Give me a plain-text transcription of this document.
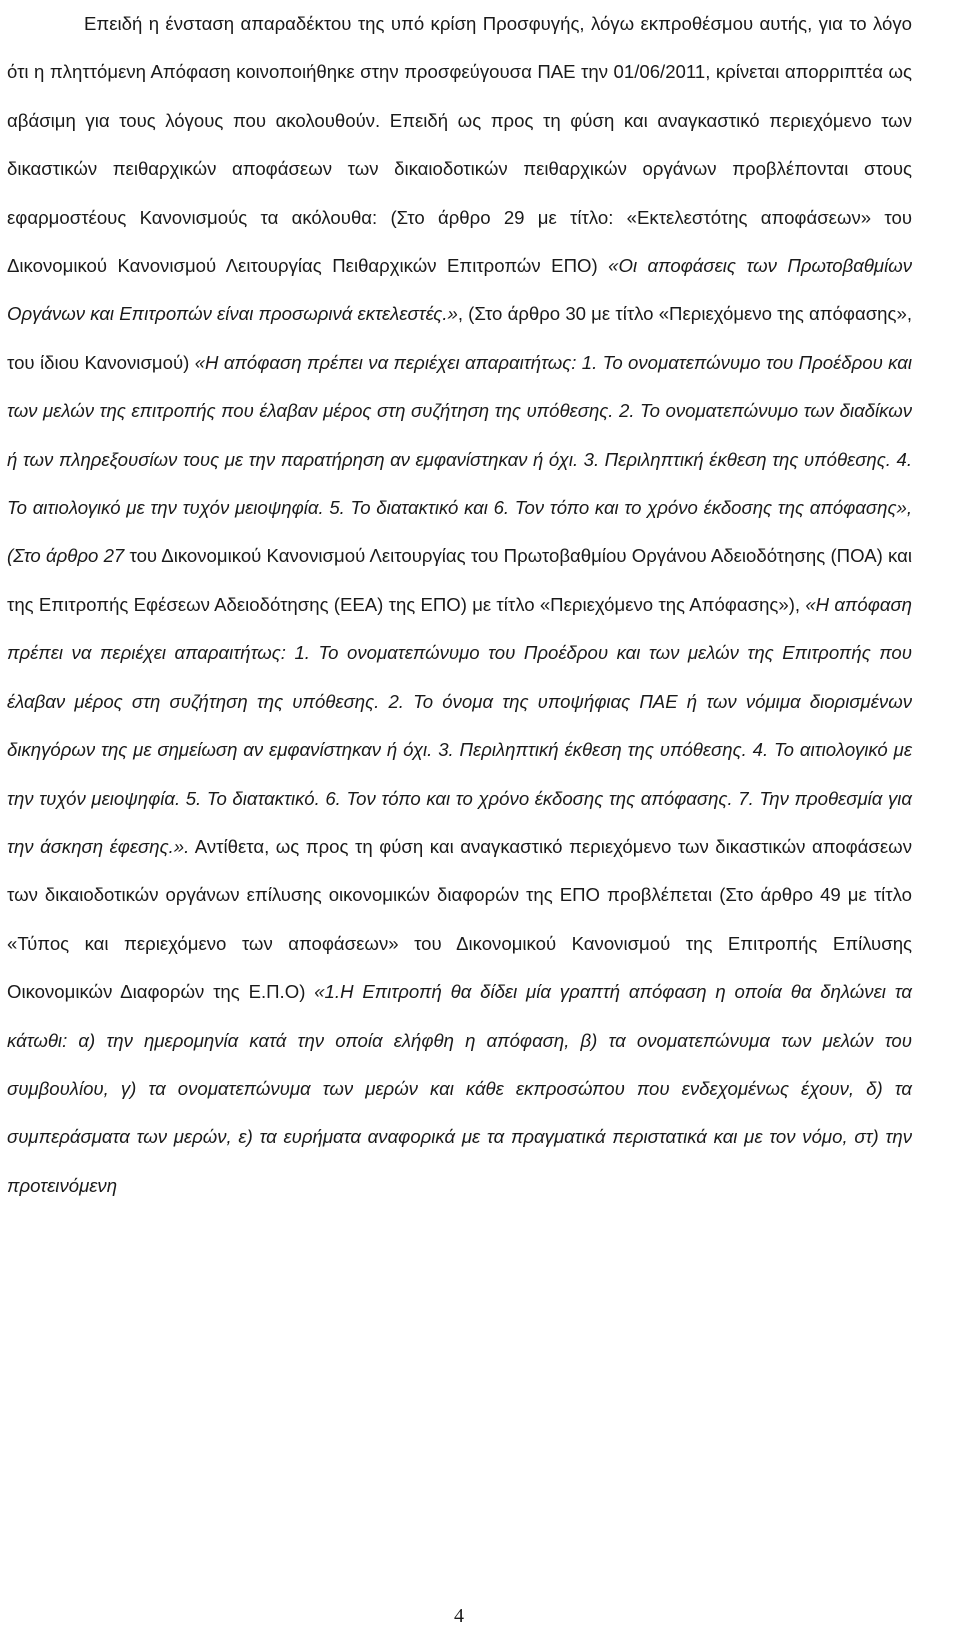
Επειδή η ένσταση απαραδέκτου της υπό κρίση Προσφυγής, λόγω εκπροθέσμου αυτής, για το λόγο ότι η πληττόμενη Απόφαση κοινοποιήθηκε στην προσφεύγουσα ΠΑΕ την 01/06/2011, κρίνεται απορριπτέα ως αβάσιμη για τους λόγους που ακολουθούν. Επειδή ως προς τη φύση και αναγκαστικό περιεχόμενο των δικαστικών πειθαρχικών αποφάσεων των δικαιοδοτικών πειθαρχικών οργάνων προβλέπονται στους εφαρμοστέους Κανονισμούς τα ακόλουθα: (Στο άρθρο 29 με τίτλο: «Εκτελεστότης αποφάσεων» του Δικονομικού Κανονισμού Λειτουργίας Πειθαρχικών Επιτροπών ΕΠΟ) «Οι αποφάσεις των Πρωτοβαθμίων Οργάνων και Επιτροπών είναι προσωρινά εκτελεστές.», (Στο άρθρο 30 με τίτλο «Περιεχόμενο της απόφασης», του ίδιου Κανονισμού) «Η απόφαση πρέπει να περιέχει απαραιτήτως: 1. Το ονοματεπώνυμο του Προέδρου και των μελών της επιτροπής που έλαβαν μέρος στη συζήτηση της υπόθεσης. 2. Το ονοματεπώνυμο των διαδίκων ή των πληρεξουσίων τους με την παρατήρηση αν εμφανίστηκαν ή όχι. 3. Περιληπτική έκθεση της υπόθεσης. 4. Το αιτιολογικό με την τυχόν μειοψηφία. 5. Το διατακτικό και 6. Τον τόπο και το χρόνο έκδοσης της απόφασης», (Στο άρθρο 27 του Δικονομικού Κανονισμού Λειτουργίας του Πρωτοβαθμίου Οργάνου Αδειοδότησης (ΠΟΑ) και της Επιτροπής Εφέσεων Αδειοδότησης (ΕΕΑ) της ΕΠΟ) με τίτλο «Περιεχόμενο της Απόφασης»), «Η απόφαση πρέπει να περιέχει απαραιτήτως: 1. Το ονοματεπώνυμο του Προέδρου και των μελών της Επιτροπής που έλαβαν μέρος στη συζήτηση της υπόθεσης. 2. Το όνομα της υποψήφιας ΠΑΕ ή των νόμιμα διορισμένων δικηγόρων της με σημείωση αν εμφανίστηκαν ή όχι. 3. Περιληπτική έκθεση της υπόθεσης. 4. Το αιτιολογικό με την τυχόν μειοψηφία. 5. Το διατακτικό. 6. Τον τόπο και το χρόνο έκδοσης της απόφασης. 7. Την προθεσμία για την άσκηση έφεσης.». Αντίθετα, ως προς τη φύση και αναγκαστικό περιεχόμενο των δικαστικών αποφάσεων των δικαιοδοτικών οργάνων επίλυσης οικονομικών διαφορών της ΕΠΟ προβλέπεται (Στο άρθρο 49 με τίτλο «Τύπος και περιεχόμενο των αποφάσεων» του Δικονομικού Κανονισμού της Επιτροπής Επίλυσης Οικονομικών Διαφορών της Ε.Π.Ο) «1.Η Επιτροπή θα δίδει μία γραπτή απόφαση η οποία θα δηλώνει τα κάτωθι: α) την ημερομηνία κατά την οποία ελήφθη η απόφαση, β) τα ονοματεπώνυμα των μελών του συμβουλίου, γ) τα ονοματεπώνυμα των μερών και κάθε εκπροσώπου που ενδεχομένως έχουν, δ) τα συμπεράσματα των μερών, ε) τα ευρήματα αναφορικά με τα πραγματικά περιστατικά και με τον νόμο, στ) την προτεινόμενη

4
